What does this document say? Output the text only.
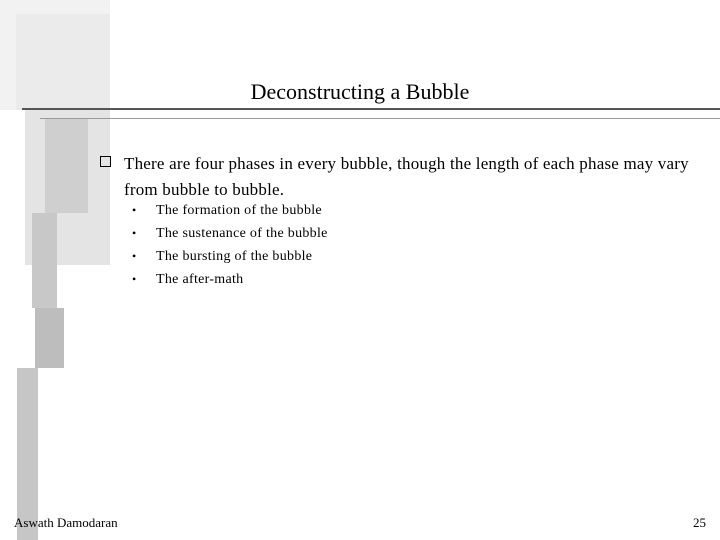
Deconstructing a Bubble
There are four phases in every bubble, though the length of each phase may vary from bubble to bubble.
• The formation of the bubble
• The sustenance of the bubble
• The bursting of the bubble
• The after-math
Aswath Damodaran	25
